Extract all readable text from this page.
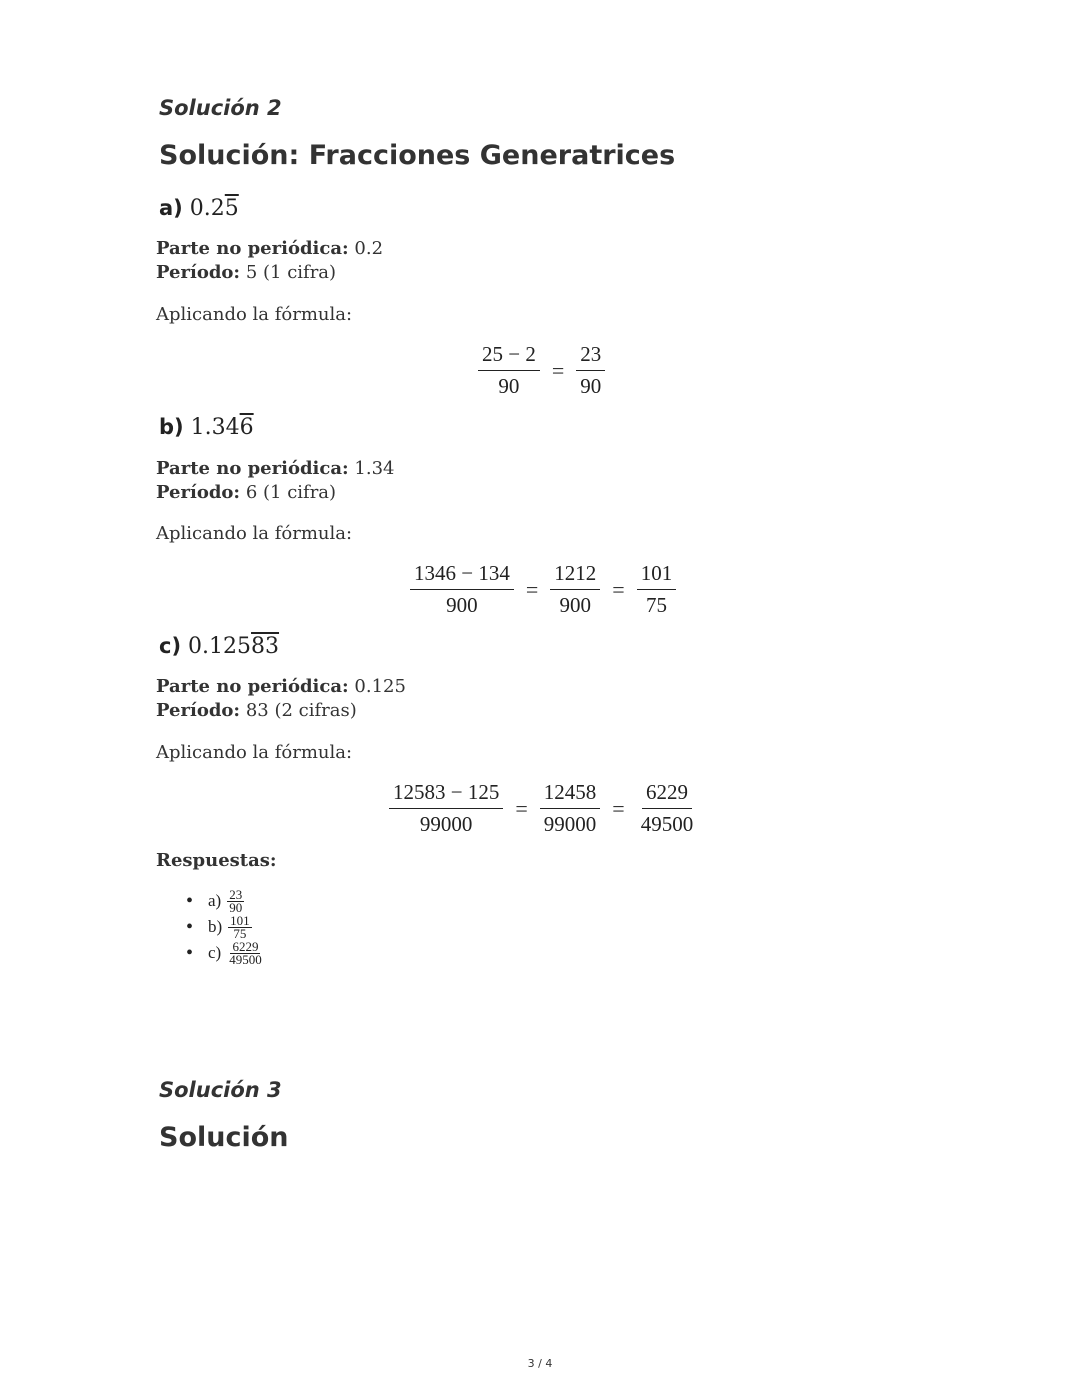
Solución 2
Solución: Fracciones Generatrices
a) 0.25
Parte no periódica: 0.2
Período: 5 (1 cifra)
Aplicando la fórmula:
$\frac{25 - 2}{90} = \frac{23}{90}$
b) 1.346
Parte no periódica: 1.34
Período: 6 (1 cifra)
Aplicando la fórmula:
$\frac{1346 - 134}{900} = \frac{1212}{900} = \frac{101}{75}$
c) 0.12583
Parte no periódica: 0.125
Período: 83 (2 cifras)
Aplicando la fórmula:
$\frac{12583 - 125}{99000} = \frac{12458}{99000} = \frac{6229}{49500}$
Respuestas:
• $a) \frac{23}{90}$
• $b) \frac{101}{75}$
• $c) \frac{6229}{49500}$
Solución 3
Solución
3 / 4
